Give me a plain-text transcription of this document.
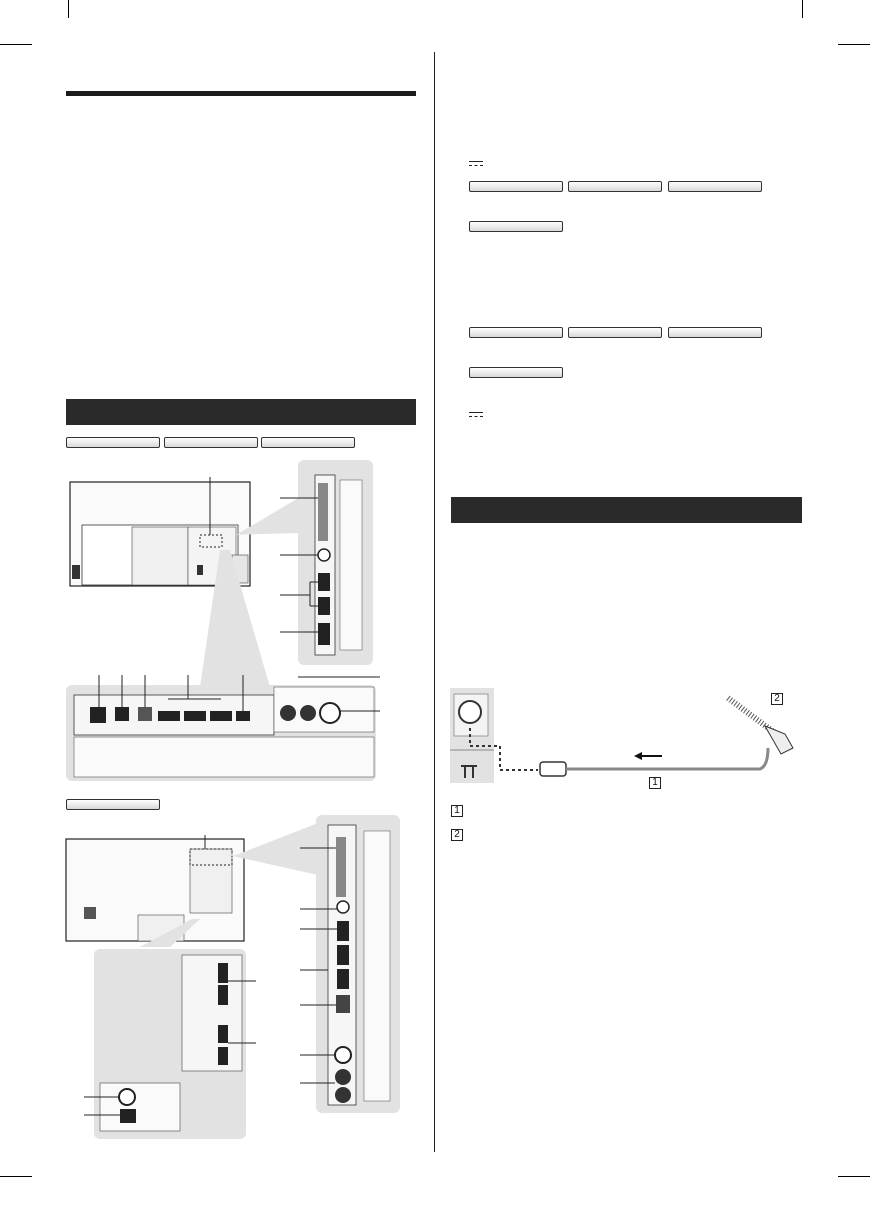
2
1
1
2
